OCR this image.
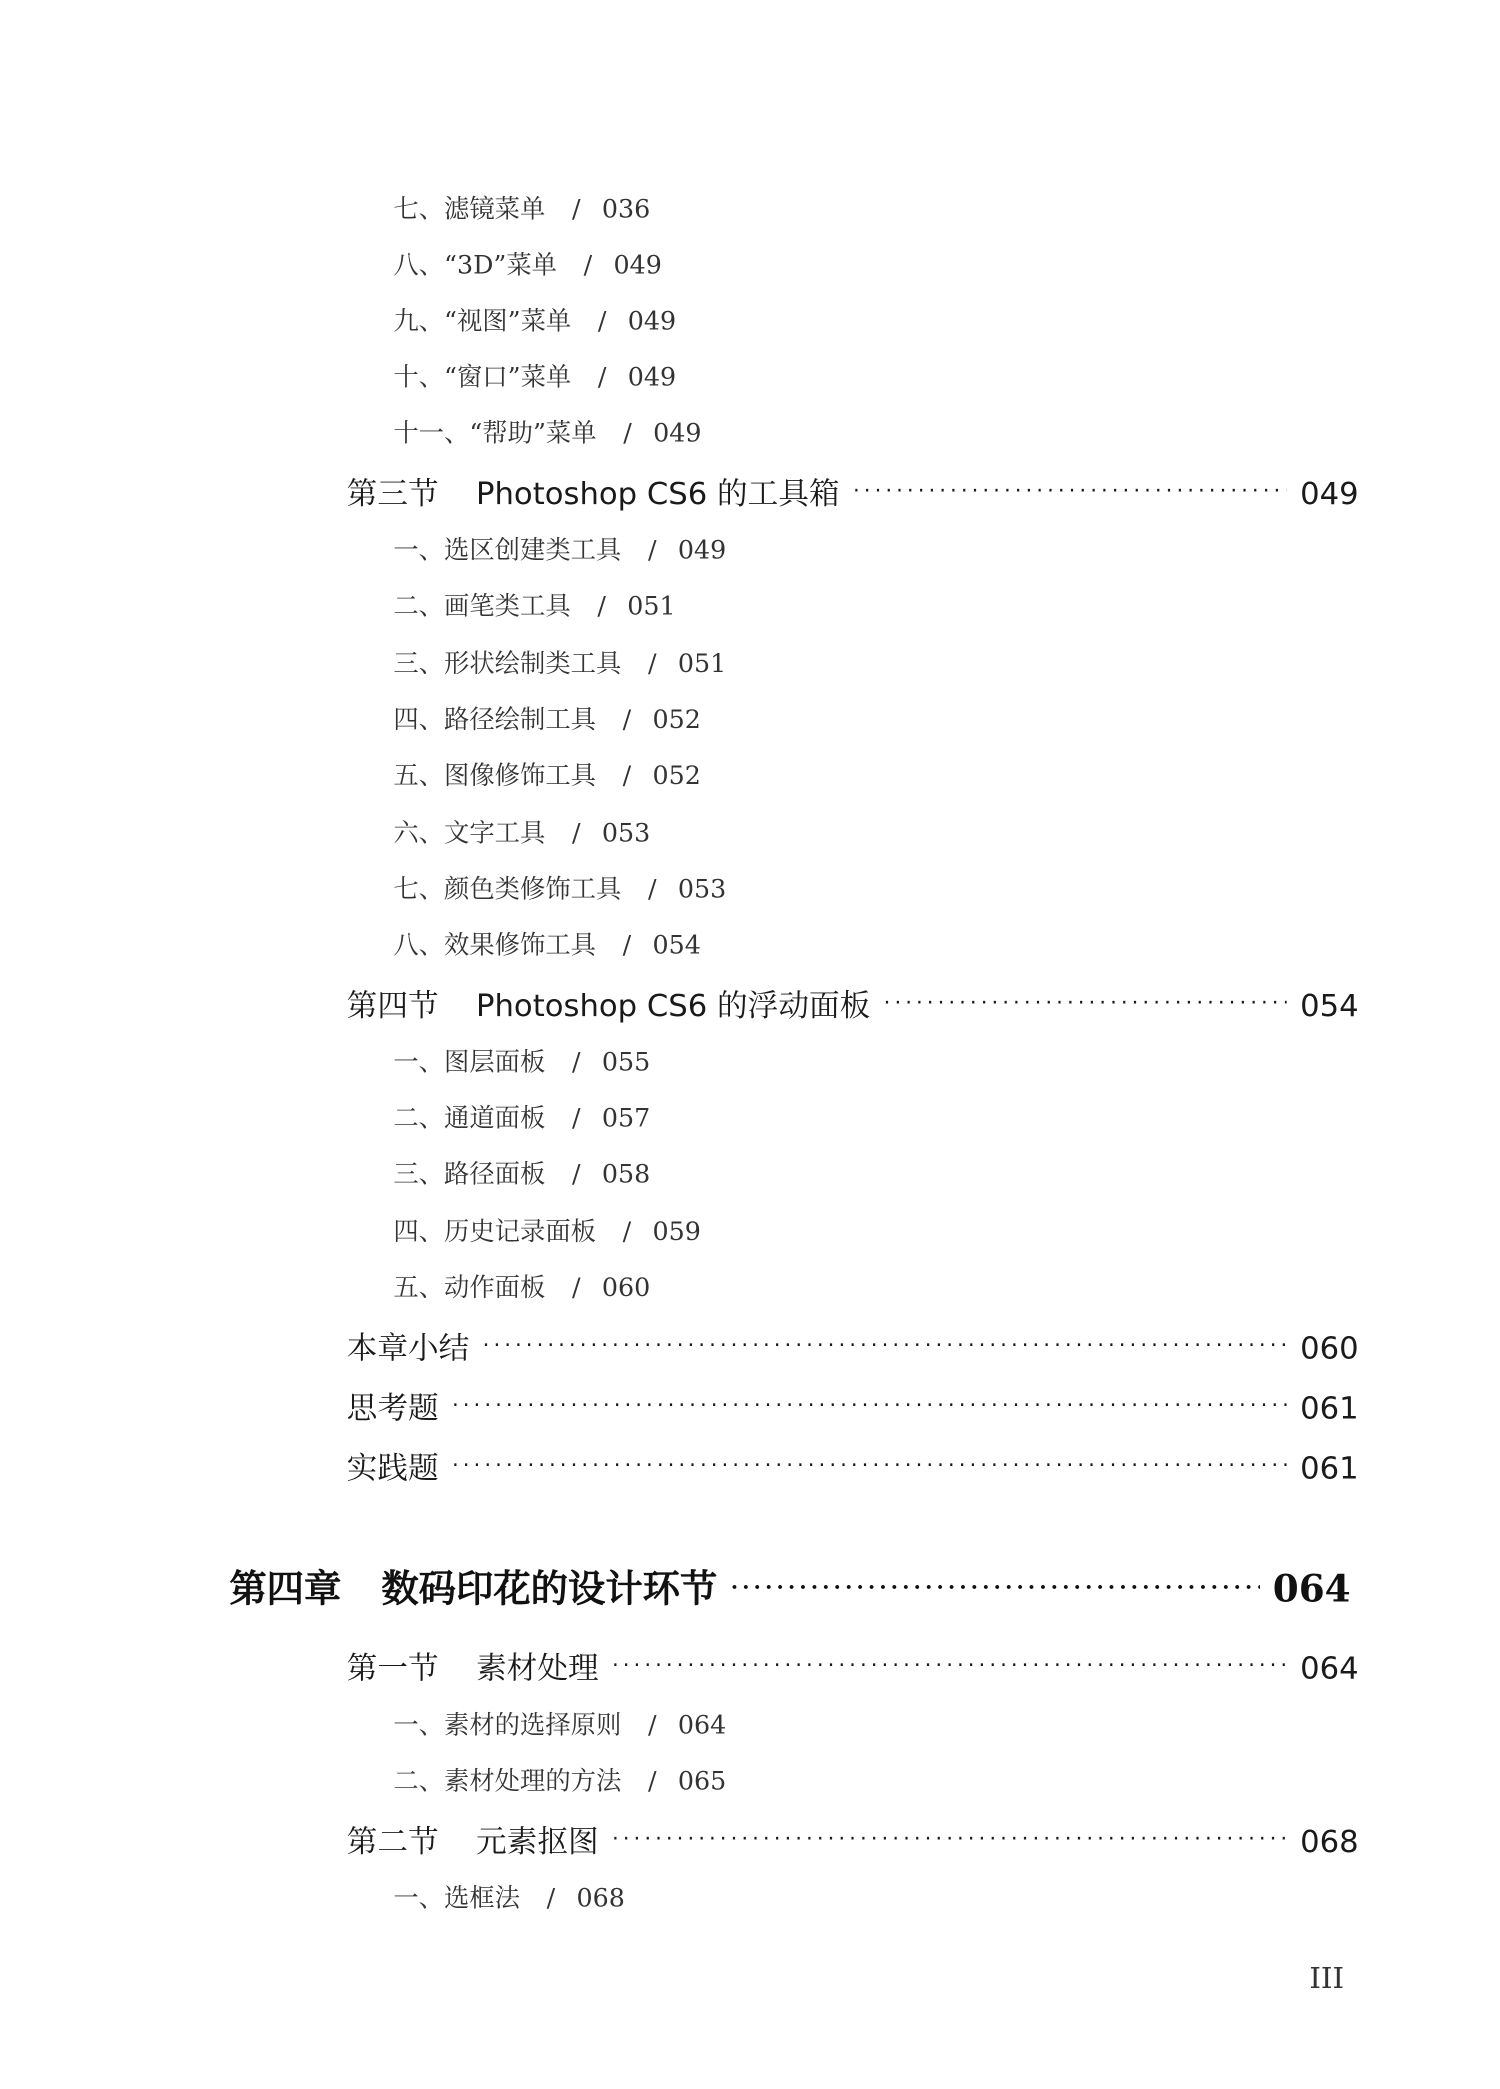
七、滤镜菜单 / 036
八、“3D”菜单 / 049
九、“视图”菜单 / 049
十、“窗口”菜单 / 049
十一、“帮助”菜单 / 049
第三节 Photoshop CS6 的工具箱 ·····	049
一、选区创建类工具 / 049
二、画笔类工具 / 051
三、形状绘制类工具 / 051
四、路径绘制工具 / 052
五、图像修饰工具 / 052
六、文字工具 / 053
七、颜色类修饰工具 / 053
八、效果修饰工具 / 054
第四节 Photoshop CS6 的浮动面板 ·····	054
一、图层面板 / 055
二、通道面板 / 057
三、路径面板 / 058
四、历史记录面板 / 059
五、动作面板 / 060
本章小结 ·····	060
思考题 ·····	061
实践题 ·····	061
第四章 数码印花的设计环节 ·····	064
第一节 素材处理 ·····	064
一、素材的选择原则 / 064
二、素材处理的方法 / 065
第二节 元素抠图 ·····	068
一、选框法 / 068
III
